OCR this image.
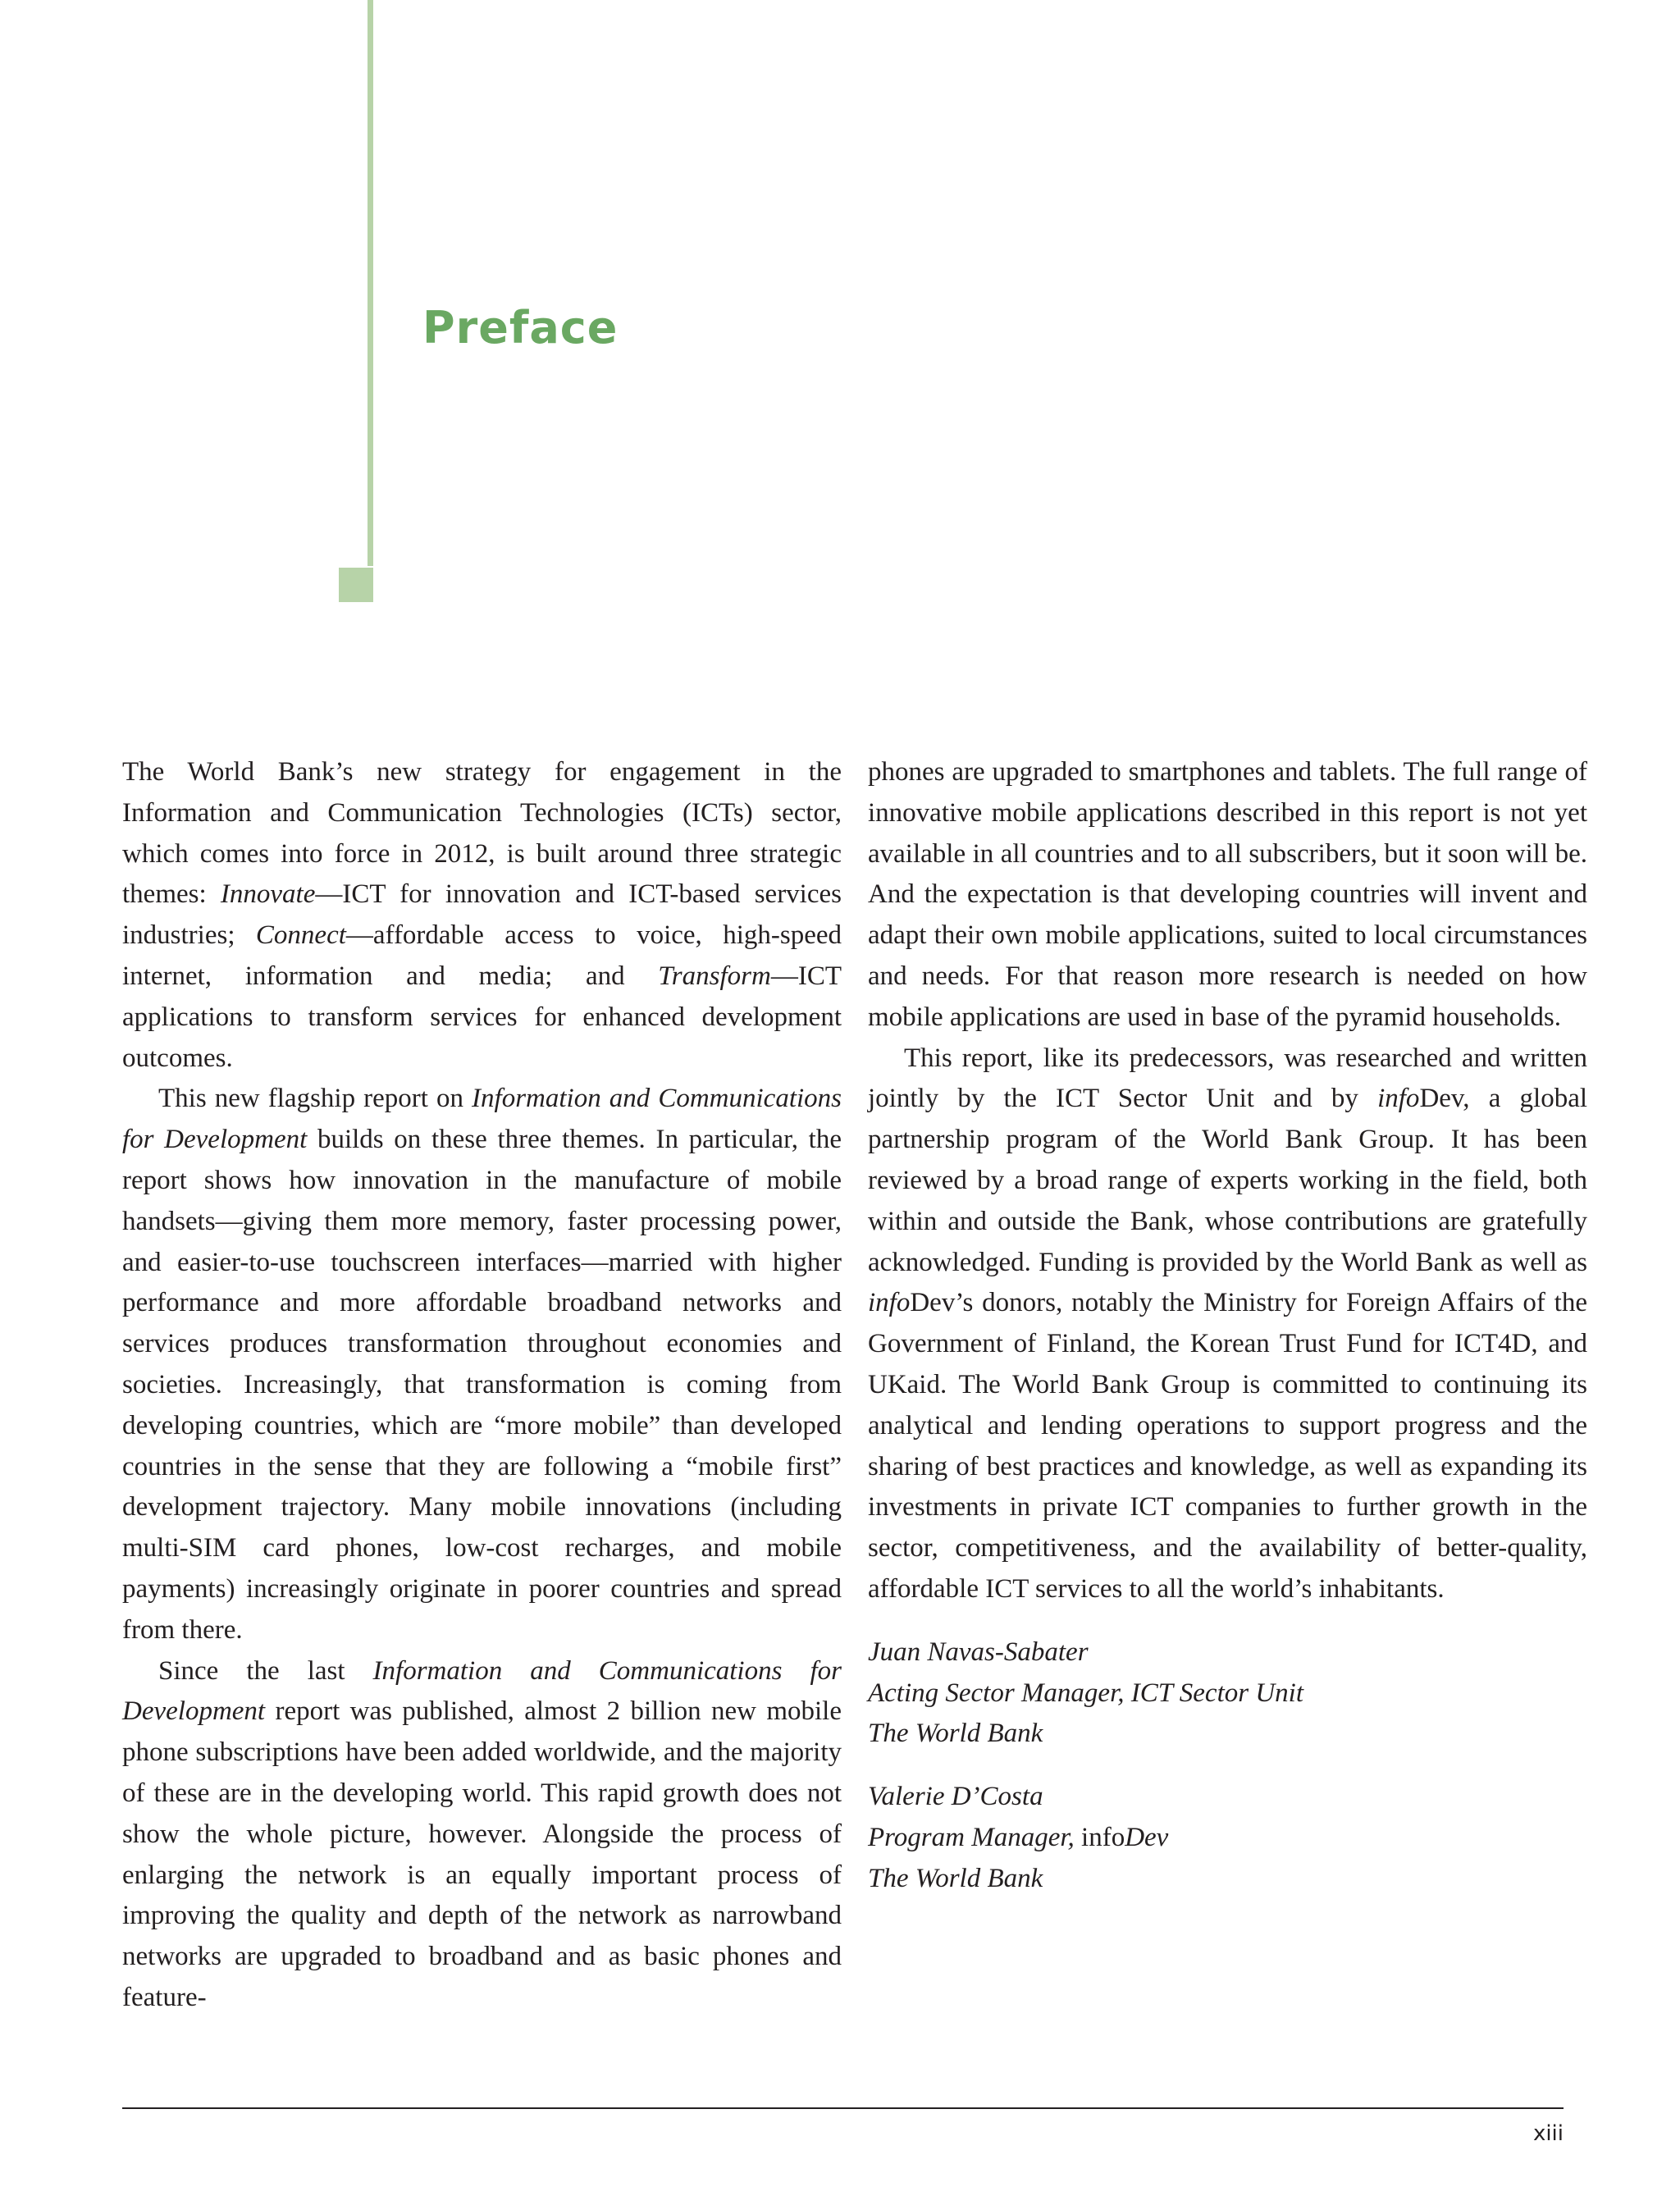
Preface

The World Bank’s new strategy for engagement in the Information and Communication Technologies (ICTs) sector, which comes into force in 2012, is built around three strategic themes: Innovate—ICT for innovation and ICT-based services industries; Connect—affordable access to voice, high-speed internet, information and media; and Transform—ICT applications to transform services for enhanced development outcomes.

This new flagship report on Information and Communications for Development builds on these three themes. In particular, the report shows how innovation in the manufacture of mobile handsets—giving them more memory, faster processing power, and easier-to-use touchscreen interfaces—married with higher performance and more affordable broadband networks and services produces transformation throughout economies and societies. Increasingly, that transformation is coming from developing countries, which are “more mobile” than developed countries in the sense that they are following a “mobile first” development trajectory. Many mobile innovations (including multi-SIM card phones, low-cost recharges, and mobile payments) increasingly originate in poorer countries and spread from there.

Since the last Information and Communications for Development report was published, almost 2 billion new mobile phone subscriptions have been added worldwide, and the majority of these are in the developing world. This rapid growth does not show the whole picture, however. Alongside the process of enlarging the network is an equally important process of improving the quality and depth of the network as narrowband networks are upgraded to broadband and as basic phones and feature-

phones are upgraded to smartphones and tablets. The full range of innovative mobile applications described in this report is not yet available in all countries and to all subscribers, but it soon will be. And the expectation is that developing countries will invent and adapt their own mobile applications, suited to local circumstances and needs. For that reason more research is needed on how mobile applications are used in base of the pyramid households.

This report, like its predecessors, was researched and written jointly by the ICT Sector Unit and by infoDev, a global partnership program of the World Bank Group. It has been reviewed by a broad range of experts working in the field, both within and outside the Bank, whose contributions are gratefully acknowledged. Funding is provided by the World Bank as well as infoDev’s donors, notably the Ministry for Foreign Affairs of the Government of Finland, the Korean Trust Fund for ICT4D, and UKaid. The World Bank Group is committed to continuing its analytical and lending operations to support progress and the sharing of best practices and knowledge, as well as expanding its investments in private ICT companies to further growth in the sector, competitiveness, and the availability of better-quality, affordable ICT services to all the world’s inhabitants.

Juan Navas-Sabater
Acting Sector Manager, ICT Sector Unit
The World Bank

Valerie D’Costa
Program Manager, infoDev
The World Bank

xiii
